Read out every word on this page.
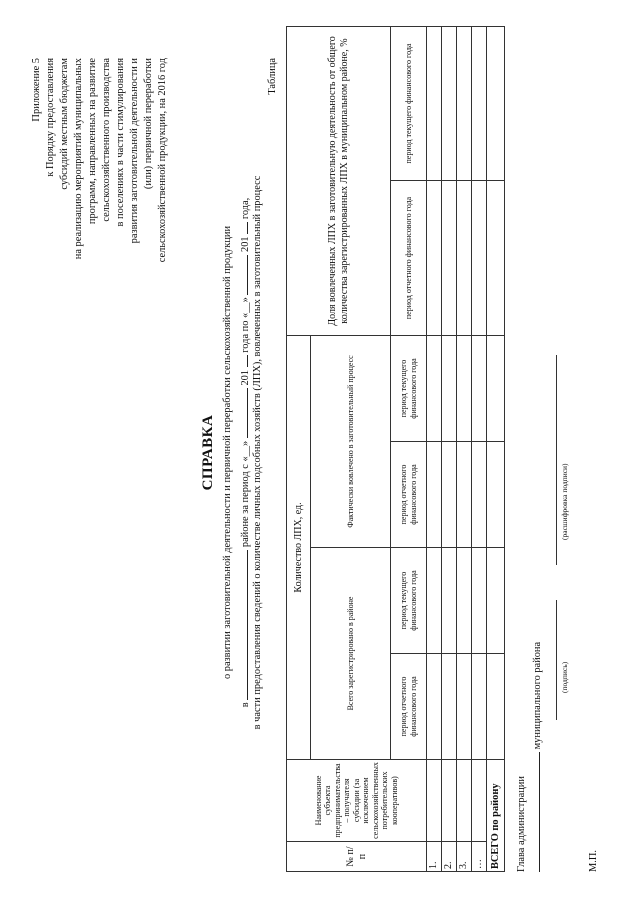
Приложение 5 к Порядку предоставления субсидий местным бюджетам на реализацию мероприятий муниципальных программ, направленных на развитие сельскохозяйственного производства в поселениях в части стимулирования развития заготовительной деятельности и (или) первичной переработки сельскохозяйственной продукции, на 2016 год
СПРАВКА о развитии заготовительной деятельности и первичной переработки сельскохозяйственной продукции
в  районе за период с «__»  201  года по «__»  201  года, в части предоставления сведений о количестве личных подсобных хозяйств (ЛПХ), вовлеченных в заготовительный процесс
Таблица
№ п/п	Наименование субъекта предпринимательства – получателя субсидии (за исключением сельскохозяйственных потребительских кооперативов)	Количество ЛПХ, ед.				Доля вовлеченных ЛПХ в заготовительную деятельность от общего количества зарегистрированных ЛПХ в муниципальном районе, %	
		Всего зарегистрировано в районе		Фактически вовлечено в заготовительный процесс			
		период отчетного финансового года	период текущего финансового года	период отчетного финансового года	период текущего финансового года	период отчетного финансового года	период текущего финансового года
1.							
2.							
3.							
…							
ВСЕГО по району							Глава администрации
муниципального района (подпись)
(расшифровка подписи)
М.П.
